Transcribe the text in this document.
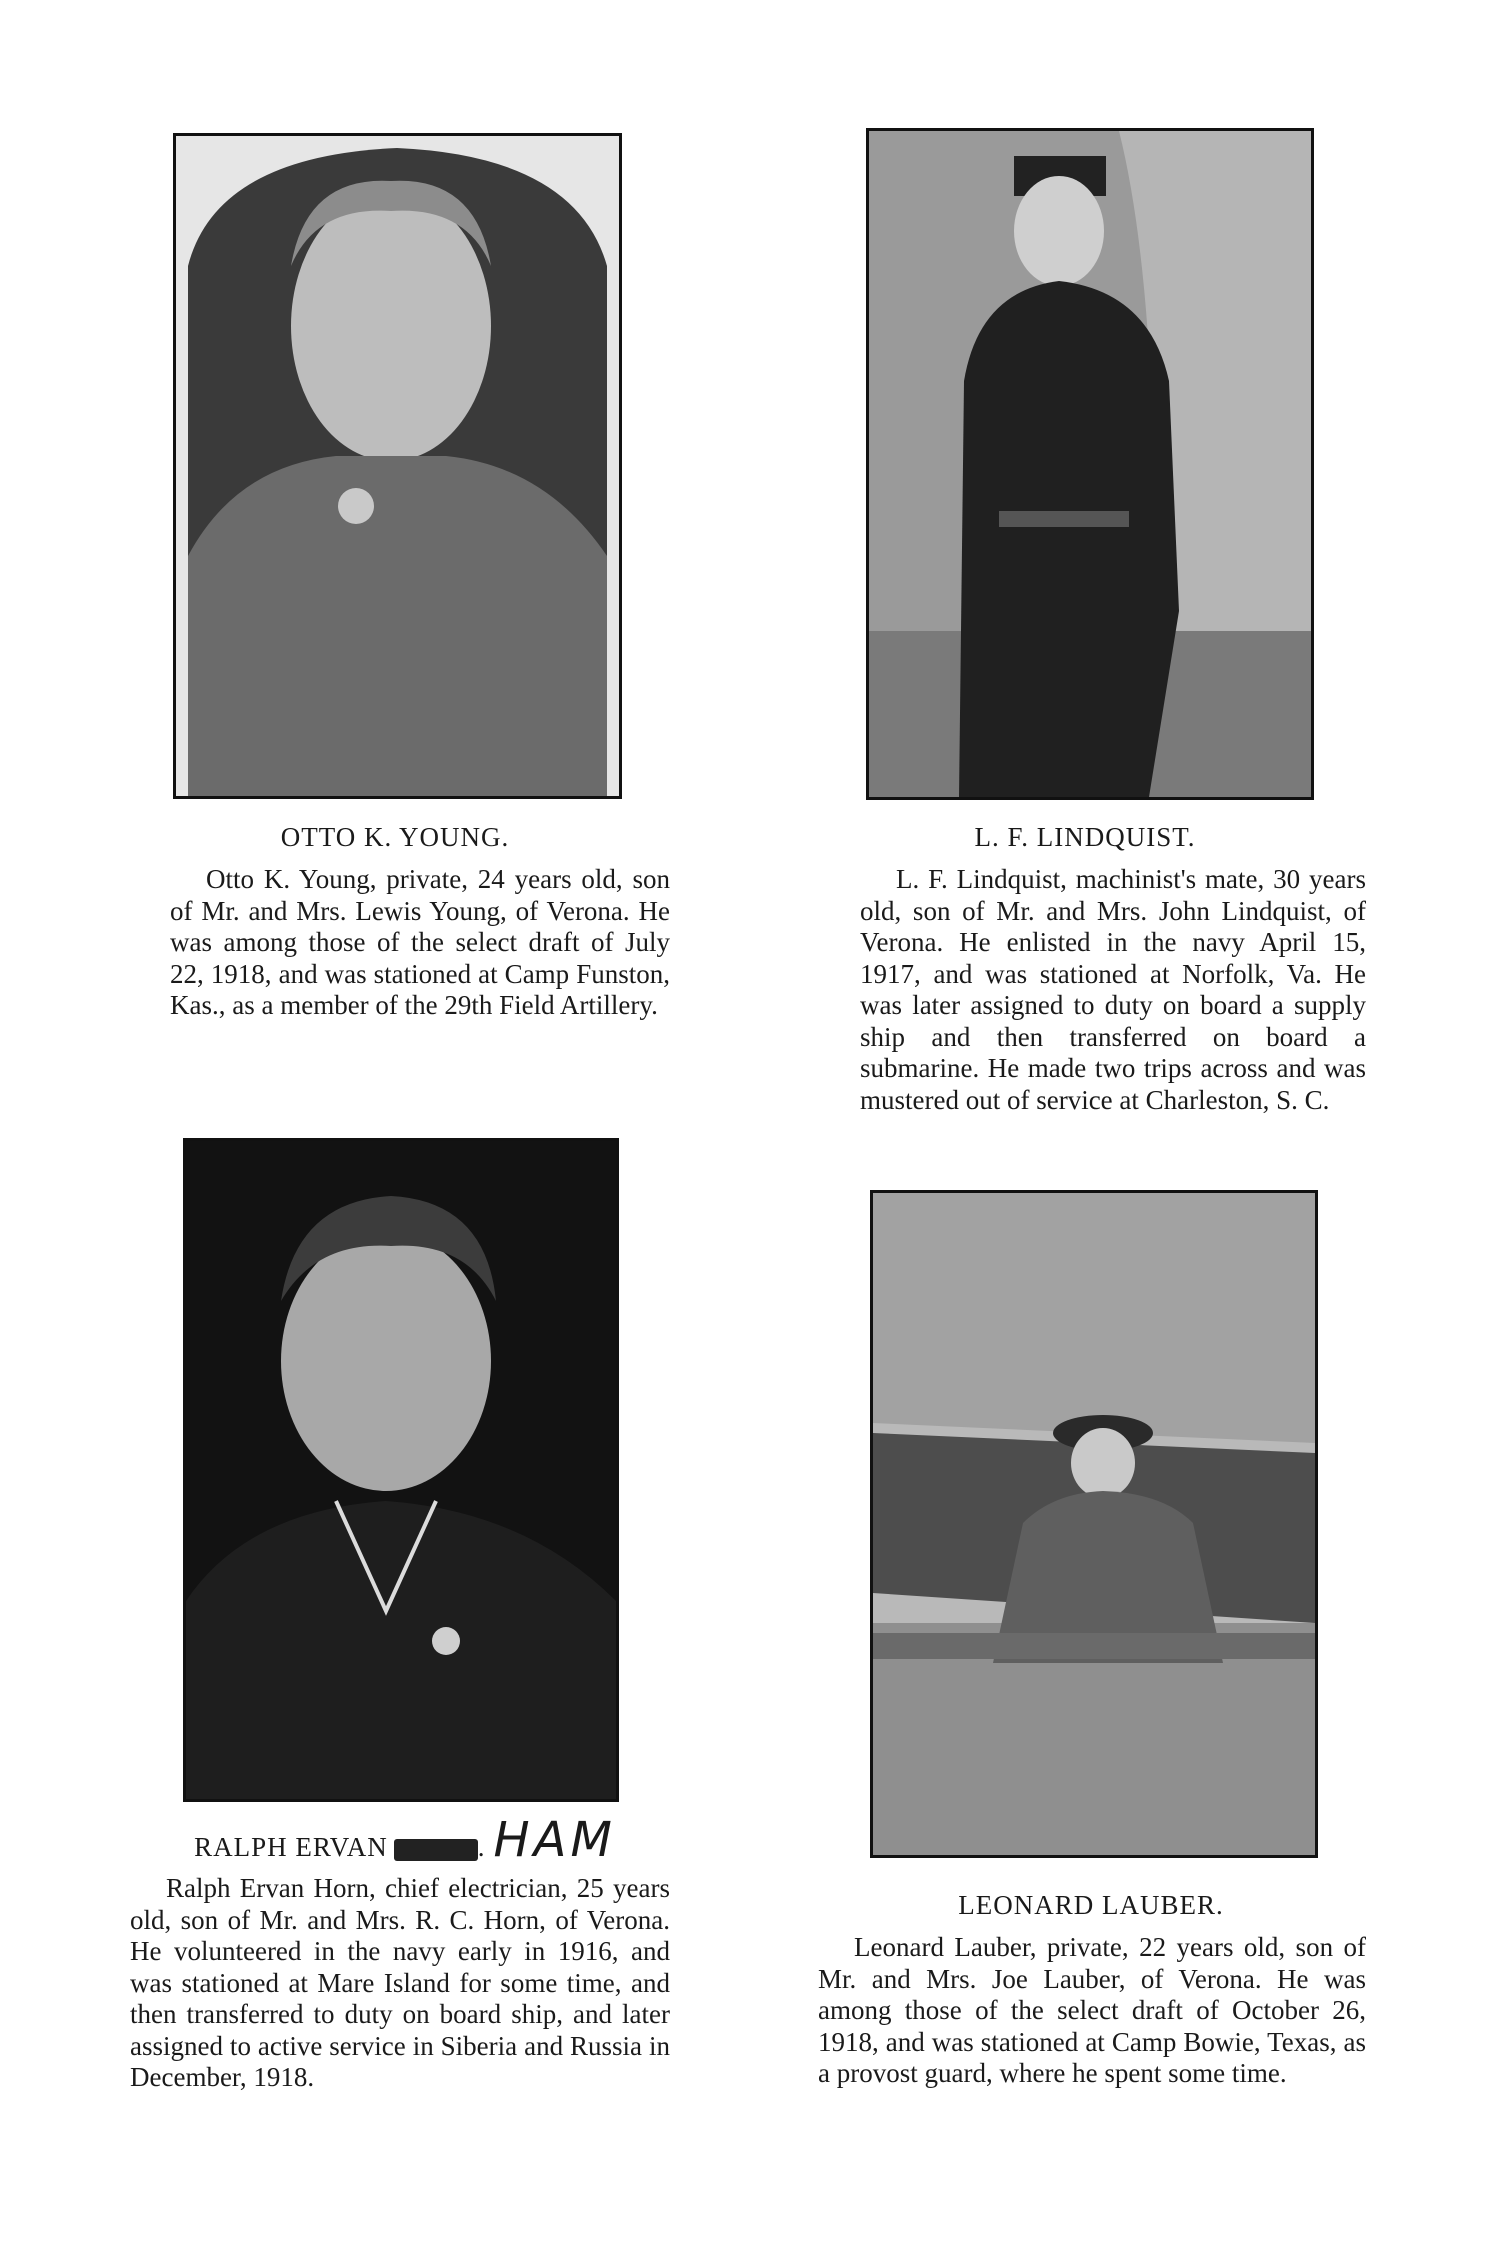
OTTO K. YOUNG.
Otto K. Young, private, 24 years old, son of Mr. and Mrs. Lewis Young, of Verona. He was among those of the select draft of July 22, 1918, and was stationed at Camp Funston, Kas., as a member of the 29th Field Artillery.
L. F. LINDQUIST.
L. F. Lindquist, machinist's mate, 30 years old, son of Mr. and Mrs. John Lindquist, of Verona. He enlisted in the navy April 15, 1917, and was stationed at Norfolk, Va. He was later assigned to duty on board a supply ship and then transferred on board a submarine. He made two trips across and was mustered out of service at Charleston, S. C.
RALPH ERVAN	. HAM
Ralph Ervan Horn, chief electrician, 25 years old, son of Mr. and Mrs. R. C. Horn, of Verona. He volunteered in the navy early in 1916, and was stationed at Mare Island for some time, and then transferred to duty on board ship, and later assigned to active service in Siberia and Russia in December, 1918.
LEONARD LAUBER.
Leonard Lauber, private, 22 years old, son of Mr. and Mrs. Joe Lauber, of Verona. He was among those of the select draft of October 26, 1918, and was stationed at Camp Bowie, Texas, as a provost guard, where he spent some time.
